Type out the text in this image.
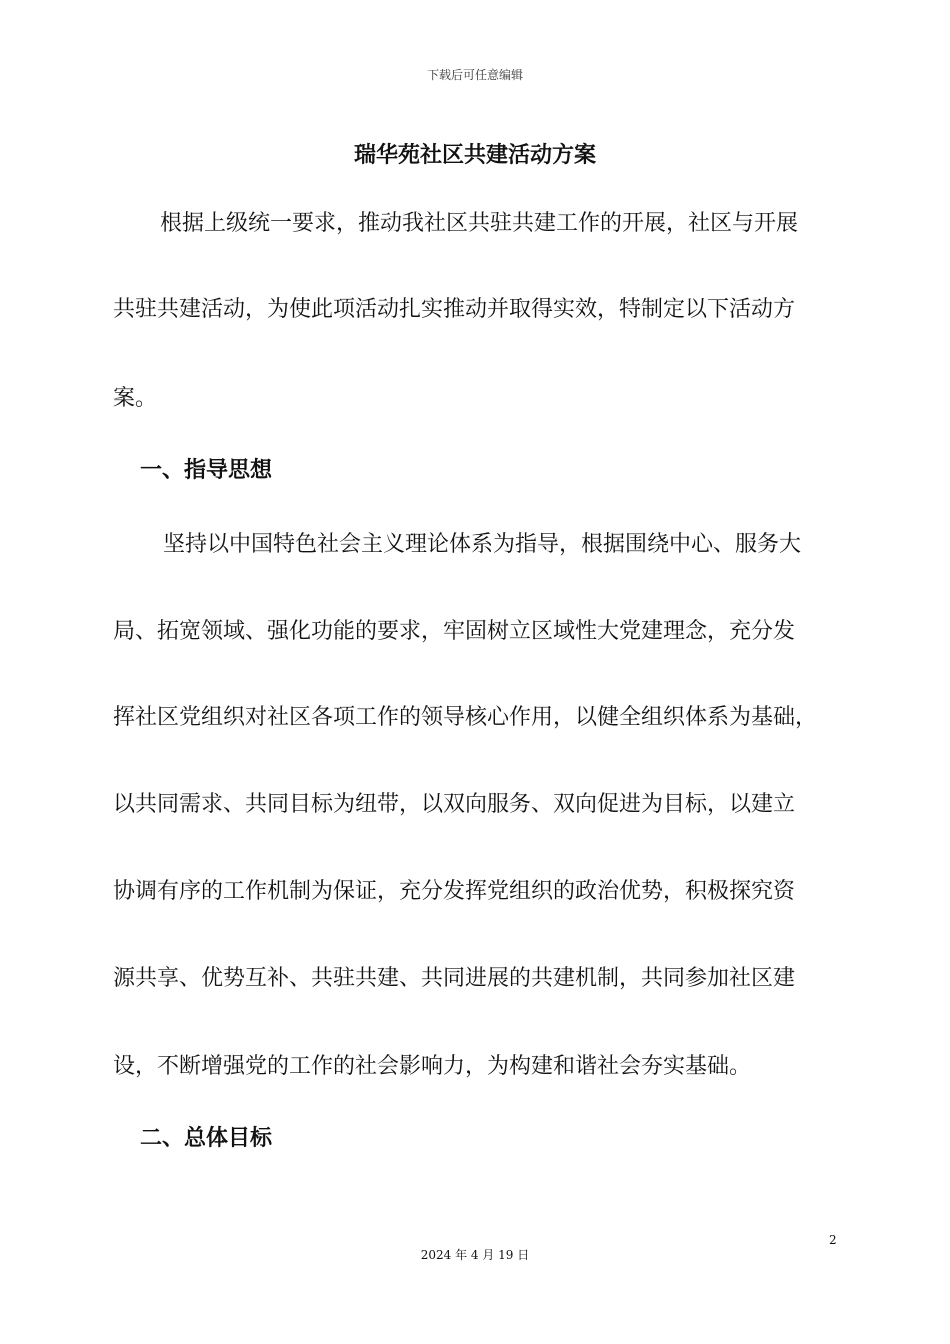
下载后可任意编辑
瑞华苑社区共建活动方案
根据上级统一要求，推动我社区共驻共建工作的开展，社区与开展
共驻共建活动，为使此项活动扎实推动并取得实效，特制定以下活动方
案。
一、指导思想
坚持以中国特色社会主义理论体系为指导，根据围绕中心、服务大
局、拓宽领域、强化功能的要求，牢固树立区域性大党建理念，充分发
挥社区党组织对社区各项工作的领导核心作用，以健全组织体系为基础，
以共同需求、共同目标为纽带，以双向服务、双向促进为目标，以建立
协调有序的工作机制为保证，充分发挥党组织的政治优势，积极探究资
源共享、优势互补、共驻共建、共同进展的共建机制，共同参加社区建
设，不断增强党的工作的社会影响力，为构建和谐社会夯实基础。
二、总体目标
2
2024 年 4 月 19 日
